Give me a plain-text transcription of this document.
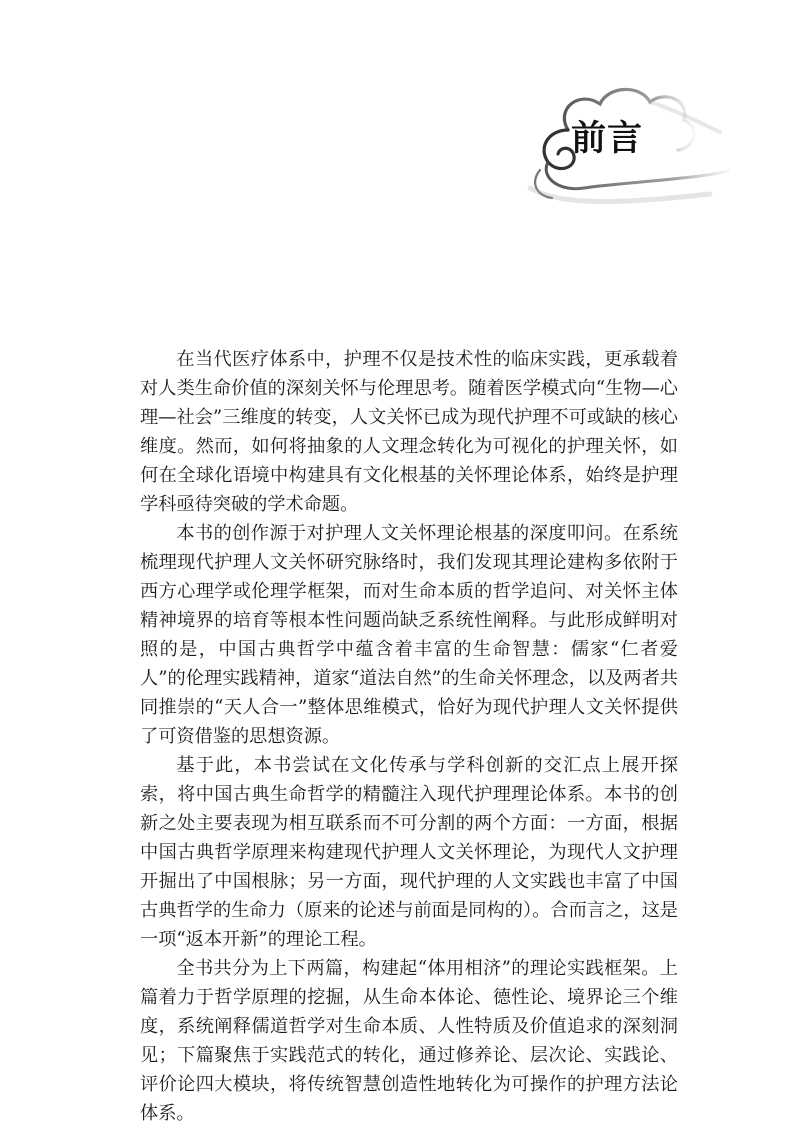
前言

在当代医疗体系中，护理不仅是技术性的临床实践，更承载着对人类生命价值的深刻关怀与伦理思考。随着医学模式向“生物—心理—社会”三维度的转变，人文关怀已成为现代护理不可或缺的核心维度。然而，如何将抽象的人文理念转化为可视化的护理关怀，如何在全球化语境中构建具有文化根基的关怀理论体系，始终是护理学科亟待突破的学术命题。

本书的创作源于对护理人文关怀理论根基的深度叩问。在系统梳理现代护理人文关怀研究脉络时，我们发现其理论建构多依附于西方心理学或伦理学框架，而对生命本质的哲学追问、对关怀主体精神境界的培育等根本性问题尚缺乏系统性阐释。与此形成鲜明对照的是，中国古典哲学中蕴含着丰富的生命智慧：儒家“仁者爱人”的伦理实践精神，道家“道法自然”的生命关怀理念，以及两者共同推崇的“天人合一”整体思维模式，恰好为现代护理人文关怀提供了可资借鉴的思想资源。

基于此，本书尝试在文化传承与学科创新的交汇点上展开探索，将中国古典生命哲学的精髓注入现代护理理论体系。本书的创新之处主要表现为相互联系而不可分割的两个方面：一方面，根据中国古典哲学原理来构建现代护理人文关怀理论，为现代人文护理开掘出了中国根脉；另一方面，现代护理的人文实践也丰富了中国古典哲学的生命力（原来的论述与前面是同构的）。合而言之，这是一项“返本开新”的理论工程。

全书共分为上下两篇，构建起“体用相济”的理论实践框架。上篇着力于哲学原理的挖掘，从生命本体论、德性论、境界论三个维度，系统阐释儒道哲学对生命本质、人性特质及价值追求的深刻洞见；下篇聚焦于实践范式的转化，通过修养论、层次论、实践论、评价论四大模块，将传统智慧创造性地转化为可操作的护理方法论体系。
